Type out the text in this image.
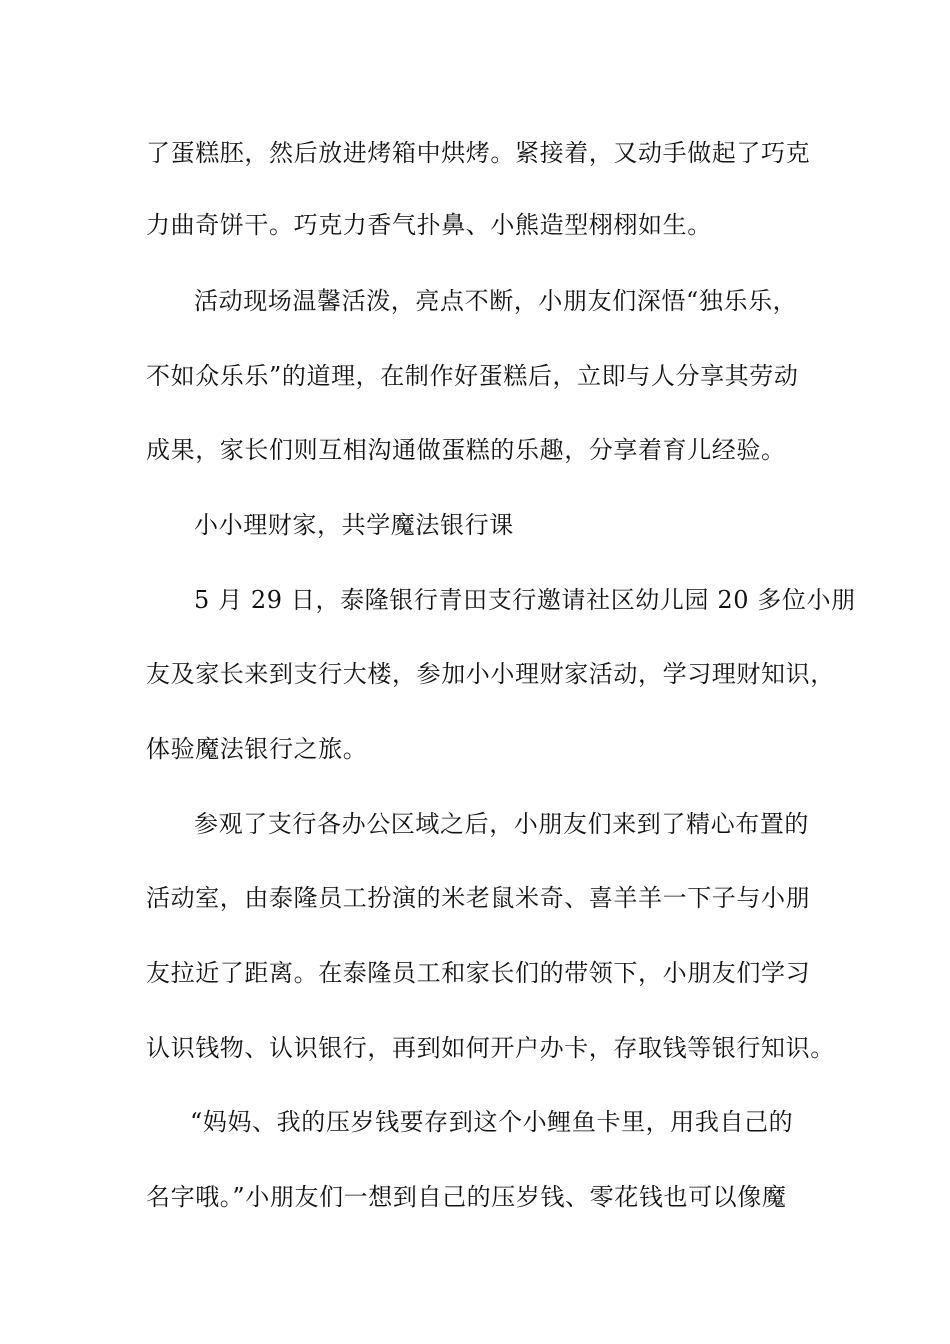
了蛋糕胚，然后放进烤箱中烘烤。紧接着，又动手做起了巧克
力曲奇饼干。巧克力香气扑鼻、小熊造型栩栩如生。
活动现场温馨活泼，亮点不断，小朋友们深悟“独乐乐，
不如众乐乐”的道理，在制作好蛋糕后，立即与人分享其劳动
成果，家长们则互相沟通做蛋糕的乐趣，分享着育儿经验。
小小理财家，共学魔法银行课
5 月 29 日，泰隆银行青田支行邀请社区幼儿园 20 多位小朋
友及家长来到支行大楼，参加小小理财家活动，学习理财知识，
体验魔法银行之旅。
参观了支行各办公区域之后，小朋友们来到了精心布置的
活动室，由泰隆员工扮演的米老鼠米奇、喜羊羊一下子与小朋
友拉近了距离。在泰隆员工和家长们的带领下，小朋友们学习
认识钱物、认识银行，再到如何开户办卡，存取钱等银行知识。
“妈妈、我的压岁钱要存到这个小鲤鱼卡里，用我自己的
名字哦。”小朋友们一想到自己的压岁钱、零花钱也可以像魔
